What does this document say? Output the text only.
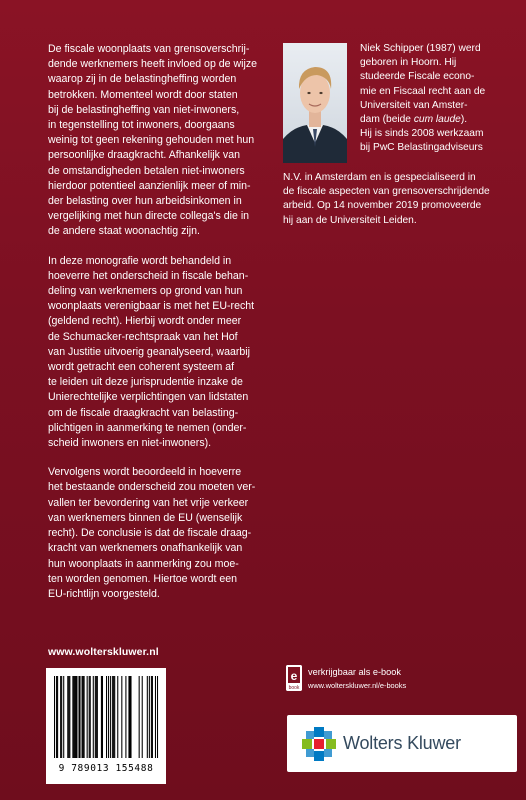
De fiscale woonplaats van grensoverschrij-
dende werknemers heeft invloed op de wijze
waarop zij in de belastingheffing worden
betrokken. Momenteel wordt door staten
bij de belastingheffing van niet-inwoners,
in tegenstelling tot inwoners, doorgaans
weinig tot geen rekening gehouden met hun
persoonlijke draagkracht. Afhankelijk van
de omstandigheden betalen niet-inwoners
hierdoor potentieel aanzienlijk meer of min-
der belasting over hun arbeidsinkomen in
vergelijking met hun directe collega's die in
de andere staat woonachtig zijn.

In deze monografie wordt behandeld in
hoeverre het onderscheid in fiscale behan-
deling van werknemers op grond van hun
woonplaats verenigbaar is met het EU-recht
(geldend recht). Hierbij wordt onder meer
de Schumacker-rechtspraak van het Hof
van Justitie uitvoerig geanalyseerd, waarbij
wordt getracht een coherent systeem af
te leiden uit deze jurisprudentie inzake de
Unierechtelijke verplichtingen van lidstaten
om de fiscale draagkracht van belasting-
plichtigen in aanmerking te nemen (onder-
scheid inwoners en niet-inwoners).

Vervolgens wordt beoordeeld in hoeverre
het bestaande onderscheid zou moeten ver-
vallen ter bevordering van het vrije verkeer
van werknemers binnen de EU (wenselijk
recht). De conclusie is dat de fiscale draag-
kracht van werknemers onafhankelijk van
hun woonplaats in aanmerking zou moe-
ten worden genomen. Hiertoe wordt een
EU-richtlijn voorgesteld.

Niek Schipper (1987) werd
geboren in Hoorn. Hij
studeerde Fiscale econo-
mie en Fiscaal recht aan de
Universiteit van Amster-
dam (beide cum laude).
Hij is sinds 2008 werkzaam
bij PwC Belastingadviseurs
N.V. in Amsterdam en is gespecialiseerd in
de fiscale aspecten van grensoverschrijdende
arbeid. Op 14 november 2019 promoveerde
hij aan de Universiteit Leiden.
www.wolterskluwer.nl
9 789013 155488
e
book
verkrijgbaar als e-book
www.wolterskluwer.nl/e-books
Wolters Kluwer
